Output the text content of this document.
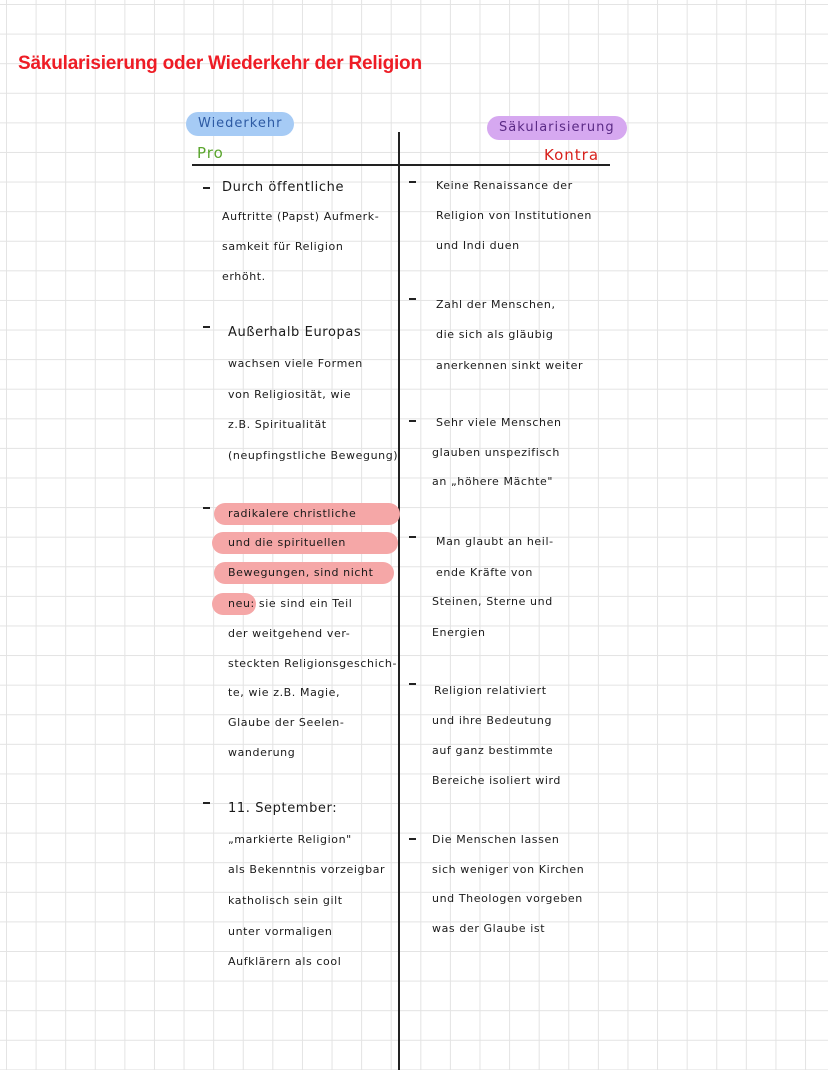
Säkularisierung oder Wiederkehr der Religion
Wiederkehr	Säkularisierung
Pro	Kontra
Durch öffentliche
Auftritte (Papst) Aufmerk-
samkeit für Religion
erhöht.
Außerhalb Europas
wachsen viele Formen
von Religiosität, wie
z.B. Spiritualität
(neupfingstliche Bewegung)
radikalere christliche
und die spirituellen
Bewegungen, sind nicht
neu: sie sind ein Teil
der weitgehend ver-
steckten Religionsgeschich-
te, wie z.B. Magie,
Glaube der Seelen-
wanderung
11. September:
„markierte Religion"
als Bekenntnis vorzeigbar
katholisch sein gilt
unter vormaligen
Aufklärern als cool
Keine Renaissance der
Religion von Institutionen
und Indi duen
Zahl der Menschen,
die sich als gläubig
anerkennen sinkt weiter
Sehr viele Menschen
glauben unspezifisch
an „höhere Mächte"
Man glaubt an heil-
ende Kräfte von
Steinen, Sterne und
Energien
Religion relativiert
und ihre Bedeutung
auf ganz bestimmte
Bereiche isoliert wird
Die Menschen lassen
sich weniger von Kirchen
und Theologen vorgeben
was der Glaube ist
